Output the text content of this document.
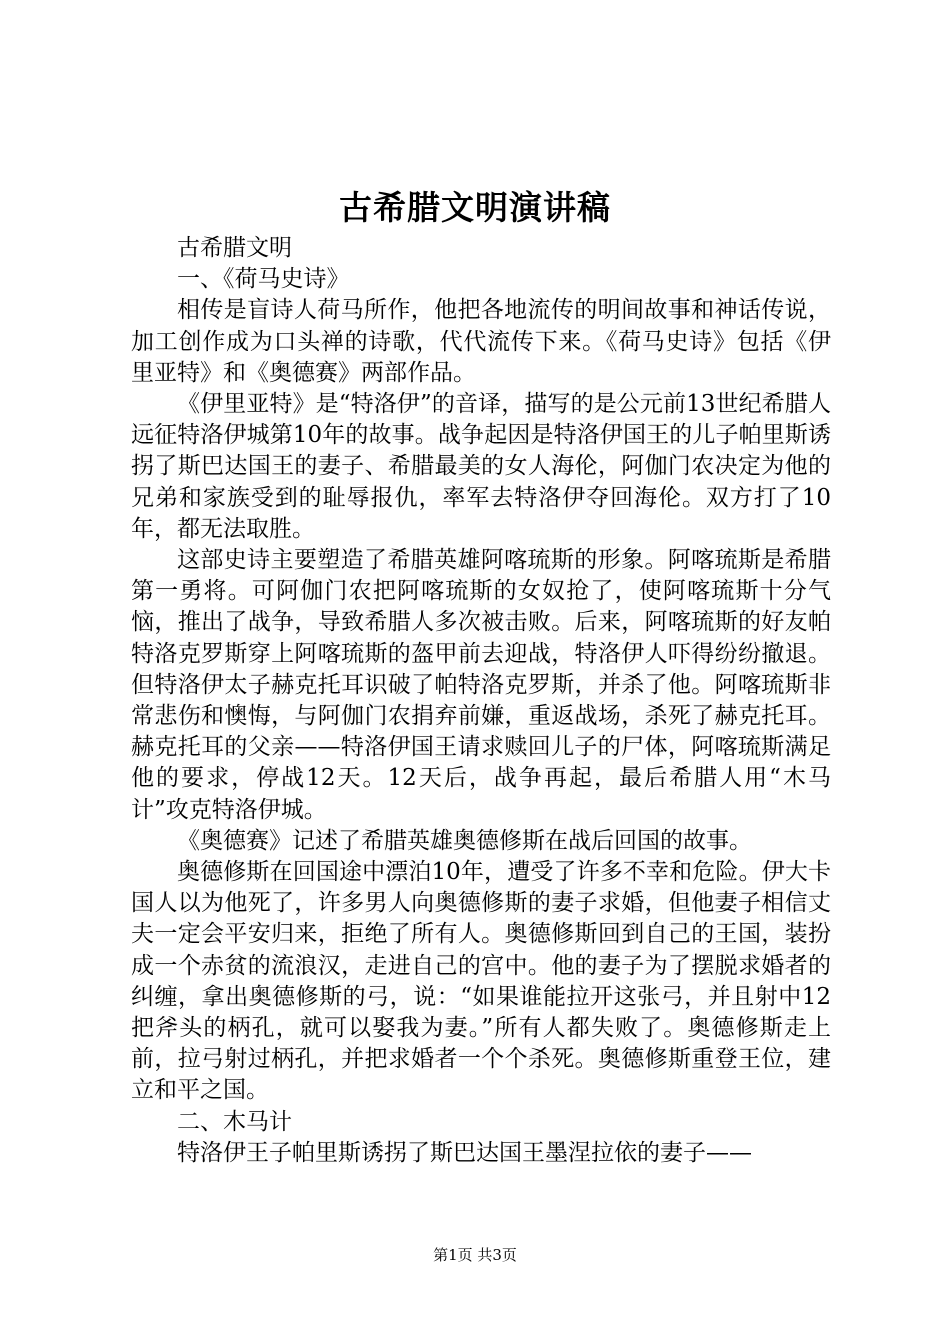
古希腊文明演讲稿

古希腊文明

一、《荷马史诗》

相传是盲诗人荷马所作，他把各地流传的明间故事和神话传说，加工创作成为口头禅的诗歌，代代流传下来。《荷马史诗》包括《伊里亚特》和《奥德赛》两部作品。

《伊里亚特》是“特洛伊”的音译，描写的是公元前13世纪希腊人远征特洛伊城第10年的故事。战争起因是特洛伊国王的儿子帕里斯诱拐了斯巴达国王的妻子、希腊最美的女人海伦，阿伽门农决定为他的兄弟和家族受到的耻辱报仇，率军去特洛伊夺回海伦。双方打了10年，都无法取胜。

这部史诗主要塑造了希腊英雄阿喀琉斯的形象。阿喀琉斯是希腊第一勇将。可阿伽门农把阿喀琉斯的女奴抢了，使阿喀琉斯十分气恼，推出了战争，导致希腊人多次被击败。后来，阿喀琉斯的好友帕特洛克罗斯穿上阿喀琉斯的盔甲前去迎战，特洛伊人吓得纷纷撤退。但特洛伊太子赫克托耳识破了帕特洛克罗斯，并杀了他。阿喀琉斯非常悲伤和懊悔，与阿伽门农捐弃前嫌，重返战场，杀死了赫克托耳。赫克托耳的父亲——特洛伊国王请求赎回儿子的尸体，阿喀琉斯满足他的要求，停战12天。12天后，战争再起，最后希腊人用“木马计”攻克特洛伊城。

《奥德赛》记述了希腊英雄奥德修斯在战后回国的故事。

奥德修斯在回国途中漂泊10年，遭受了许多不幸和危险。伊大卡国人以为他死了，许多男人向奥德修斯的妻子求婚，但他妻子相信丈夫一定会平安归来，拒绝了所有人。奥德修斯回到自己的王国，装扮成一个赤贫的流浪汉，走进自己的宫中。他的妻子为了摆脱求婚者的纠缠，拿出奥德修斯的弓，说：“如果谁能拉开这张弓，并且射中12把斧头的柄孔，就可以娶我为妻。”所有人都失败了。奥德修斯走上前，拉弓射过柄孔，并把求婚者一个个杀死。奥德修斯重登王位，建立和平之国。

二、木马计

特洛伊王子帕里斯诱拐了斯巴达国王墨涅拉依的妻子——

第1页 共3页
